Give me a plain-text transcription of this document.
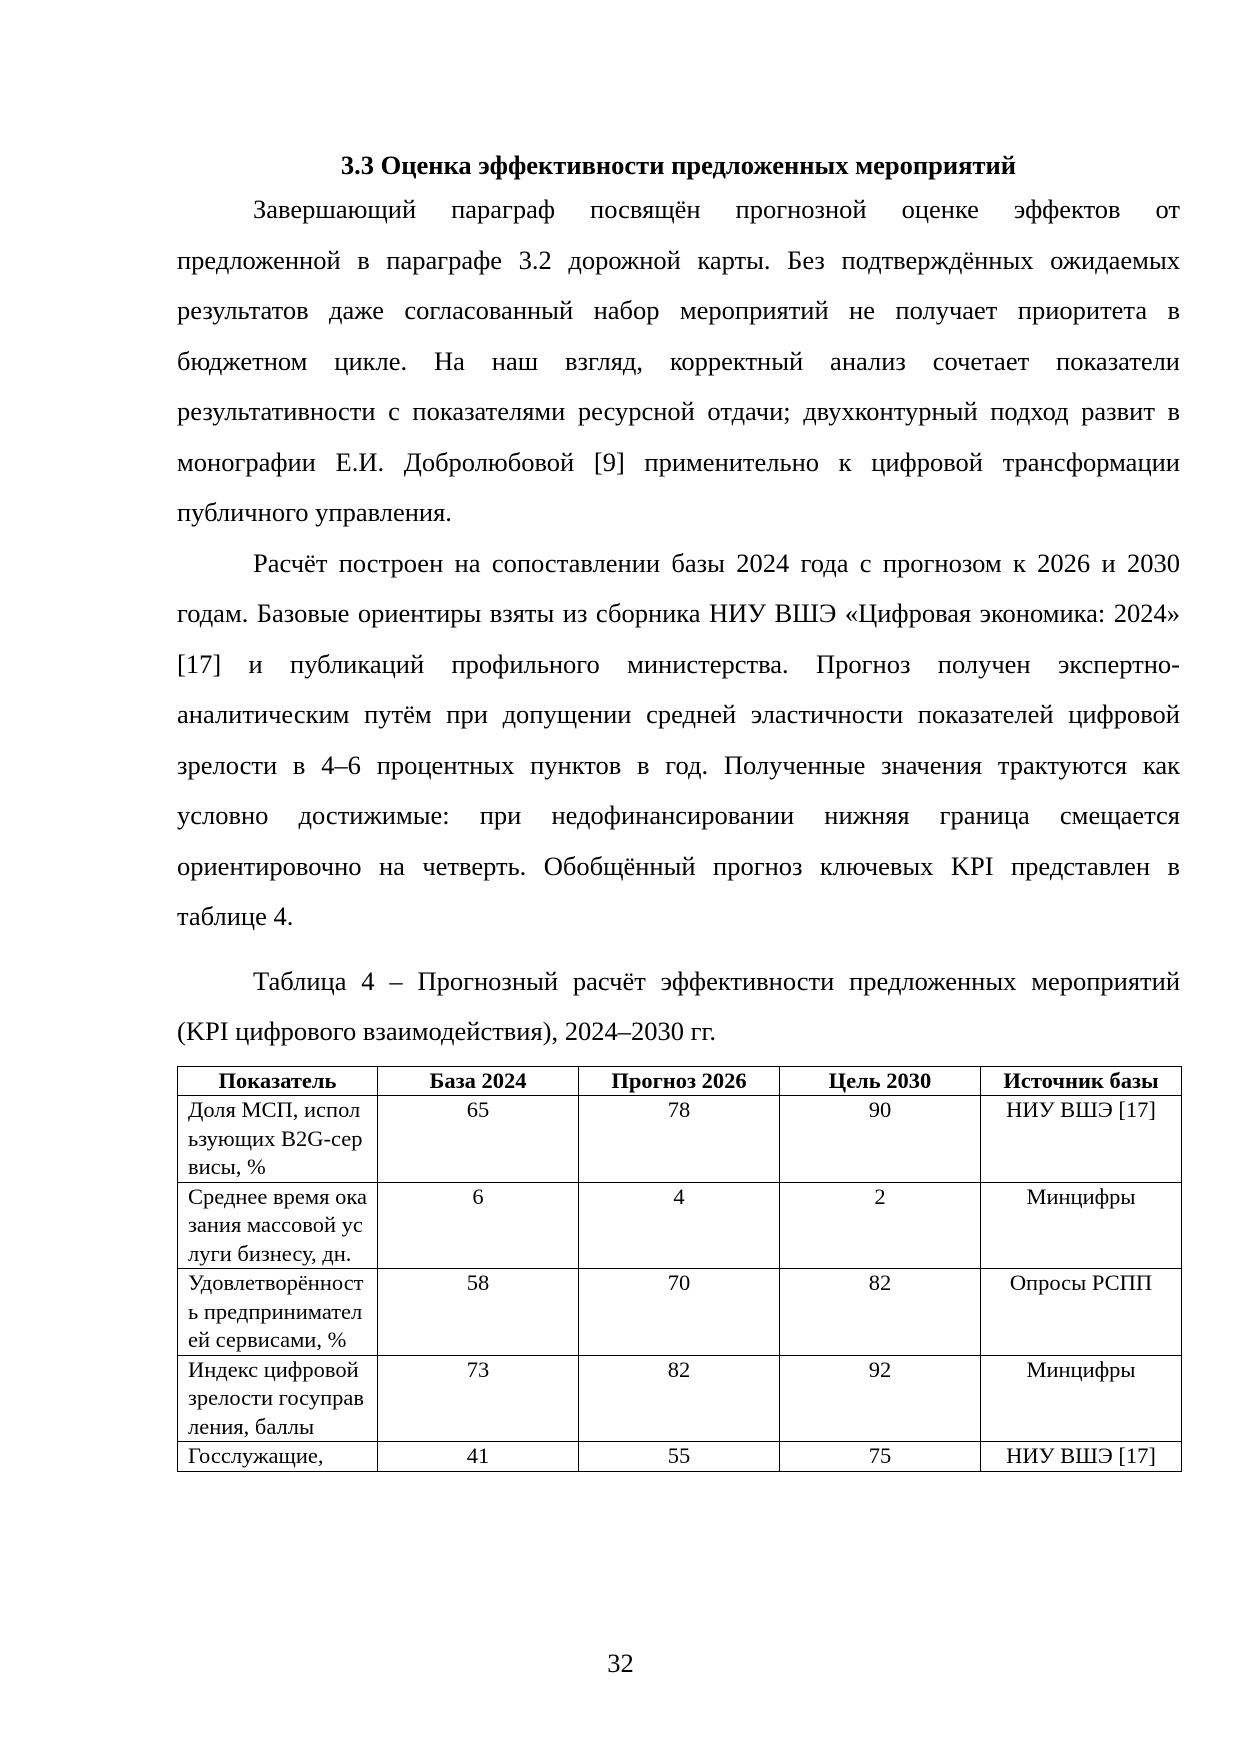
3.3 Оценка эффективности предложенных мероприятий

Завершающий параграф посвящён прогнозной оценке эффектов от предложенной в параграфе 3.2 дорожной карты. Без подтверждённых ожидаемых результатов даже согласованный набор мероприятий не получает приоритета в бюджетном цикле. На наш взгляд, корректный анализ сочетает показатели результативности с показателями ресурсной отдачи; двухконтурный подход развит в монографии Е.И. Добролюбовой [9] применительно к цифровой трансформации публичного управления.

Расчёт построен на сопоставлении базы 2024 года с прогнозом к 2026 и 2030 годам. Базовые ориентиры взяты из сборника НИУ ВШЭ «Цифровая экономика: 2024» [17] и публикаций профильного министерства. Прогноз получен экспертно-аналитическим путём при допущении средней эластичности показателей цифровой зрелости в 4–6 процентных пунктов в год. Полученные значения трактуются как условно достижимые: при недофинансировании нижняя граница смещается ориентировочно на четверть. Обобщённый прогноз ключевых KPI представлен в таблице 4.

Таблица 4 – Прогнозный расчёт эффективности предложенных мероприятий (KPI цифрового взаимодействия), 2024–2030 гг.

Показатель	База 2024	Прогноз 2026	Цель 2030	Источник базы
Доля МСП, использующих B2G-сервисы, %	65	78	90	НИУ ВШЭ [17]
Среднее время оказания массовой услуги бизнесу, дн.	6	4	2	Минцифры
Удовлетворённость предпринимателей сервисами, %	58	70	82	Опросы РСПП
Индекс цифровой зрелости госуправления, баллы	73	82	92	Минцифры
Госслужащие,	41	55	75	НИУ ВШЭ [17]
32
